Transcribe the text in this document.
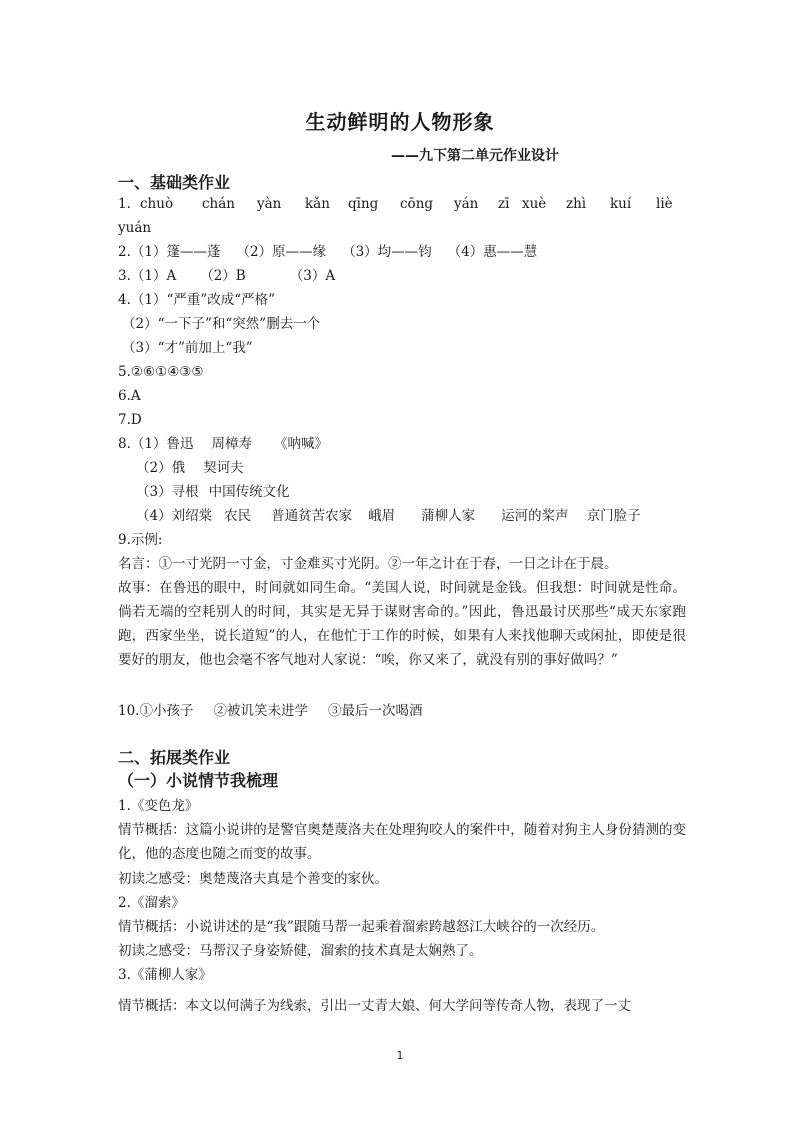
生动鲜明的人物形象
——九下第二单元作业设计
一、基础类作业
1. chuò chán yàn kǎn qīng cōng yán zī xuè zhì kuí liè
yuán
2.（1）篷——蓬 （2）原——缘 （3）均——钧 （4）惠——慧
3.（1）A （2）B	（3）A
4.（1）“严重”改成“严格”
（2）“一下子”和“突然”删去一个
（3）“才”前加上“我”
5.②⑥①④③⑤
6.A
7.D
8.（1）鲁迅 周樟寿 《呐喊》
（2）俄 契诃夫
（3）寻根 中国传统文化
（4）刘绍棠 农民 普通贫苦农家 峨眉 蒲柳人家 运河的桨声 京门脸子
9.示例:
名言：①一寸光阴一寸金，寸金难买寸光阴。②一年之计在于春，一日之计在于晨。
故事：在鲁迅的眼中，时间就如同生命。“美国人说，时间就是金钱。但我想：时间就是性命。倘若无端的空耗别人的时间，其实是无异于谋财害命的。”因此，鲁迅最讨厌那些“成天东家跑跑，西家坐坐，说长道短”的人，在他忙于工作的时候，如果有人来找他聊天或闲扯，即使是很要好的朋友，他也会毫不客气地对人家说：“唉，你又来了，就没有别的事好做吗？”
10.①小孩子 ②被讥笑未进学 ③最后一次喝酒
二、拓展类作业
（一）小说情节我梳理
1.《变色龙》
情节概括：这篇小说讲的是警官奥楚蔑洛夫在处理狗咬人的案件中，随着对狗主人身份猜测的变化，他的态度也随之而变的故事。
初读之感受：奥楚蔑洛夫真是个善变的家伙。
2.《溜索》
情节概括：小说讲述的是“我”跟随马帮一起乘着溜索跨越怒江大峡谷的一次经历。
初读之感受：马帮汉子身姿矫健，溜索的技术真是太娴熟了。
3.《蒲柳人家》
情节概括：本文以何满子为线索，引出一丈青大娘、何大学问等传奇人物，表现了一丈
1
